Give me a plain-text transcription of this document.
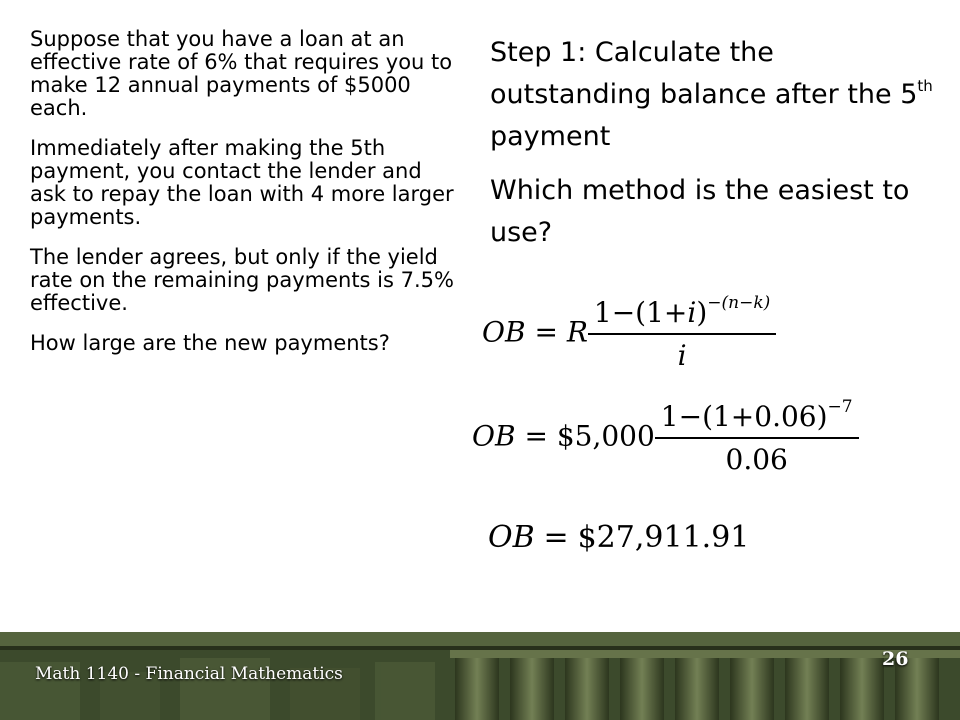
Suppose that you have a loan at an effective rate of 6% that requires you to make 12 annual payments of $5000 each.

Immediately after making the 5th payment, you contact the lender and ask to repay the loan with 4 more larger payments.

The lender agrees, but only if the yield rate on the remaining payments is 7.5% effective.

How large are the new payments?

Step 1: Calculate the outstanding balance after the 5th payment

Which method is the easiest to use?

OB = R $\frac{1-(1+i)^{-(n-k)}}{i}$
OB = $5,000 $\frac{1-(1+0.06)^{-7}}{0.06}$
OB = $27,911.91
Math 1140 - Financial Mathematics
26
